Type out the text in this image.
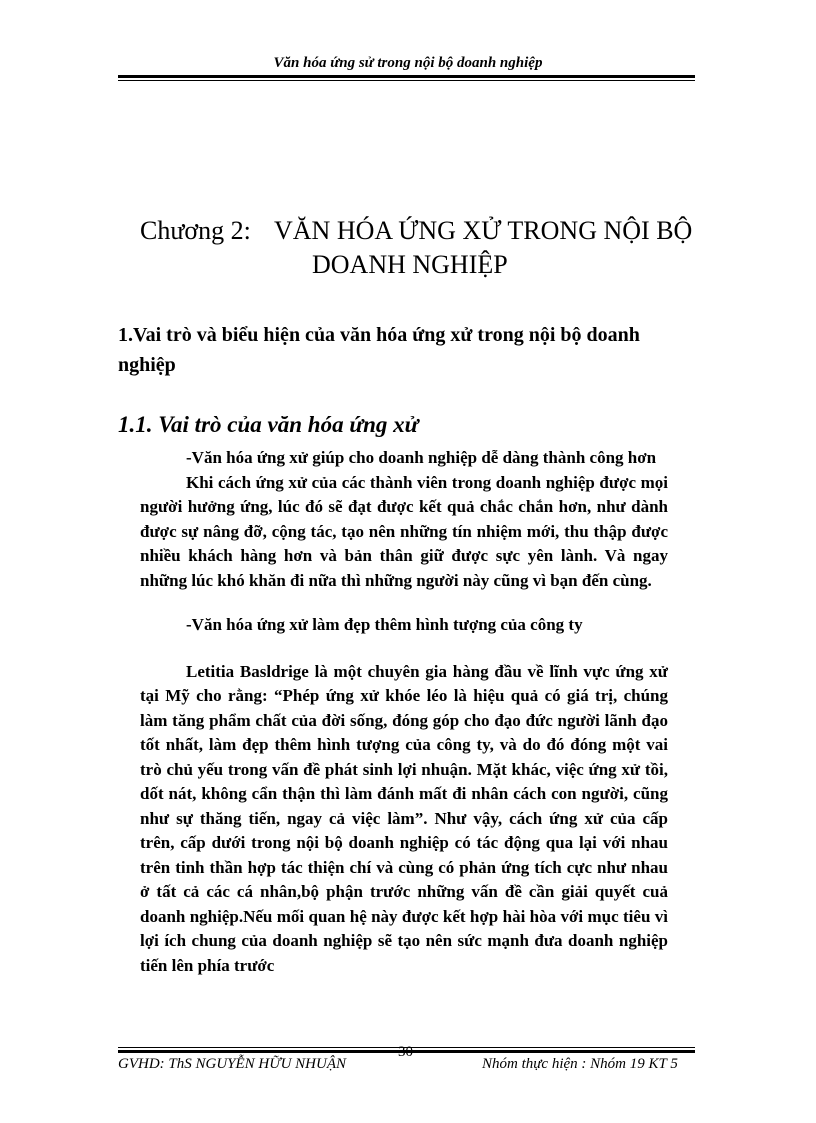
Văn hóa ứng sử trong nội bộ doanh nghiệp
Chương 2: VĂN HÓA ỨNG XỬ TRONG NỘI BỘ
DOANH NGHIỆP
1.Vai trò và biểu hiện của văn hóa ứng xử trong nội bộ doanh nghiệp
1.1. Vai trò của văn hóa ứng xử

-Văn hóa ứng xử giúp cho doanh nghiệp dễ dàng thành công hơn

Khi cách ứng xử của các thành viên trong doanh nghiệp được mọi người hưởng ứng, lúc đó sẽ đạt được kết quả chắc chắn hơn, như dành được sự nâng đỡ, cộng tác, tạo nên những tín nhiệm mới, thu thập được nhiều khách hàng hơn và bản thân giữ được sực yên lành. Và ngay những lúc khó khăn đi nữa thì những người này cũng vì bạn đến cùng.

-Văn hóa ứng xử làm đẹp thêm hình tượng của công ty

Letitia Basldrige là một chuyên gia hàng đầu về lĩnh vực ứng xử tại Mỹ cho rằng: “Phép ứng xử khóe léo là hiệu quả có giá trị, chúng làm tăng phẩm chất của đời sống, đóng góp cho đạo đức người lãnh đạo tốt nhất, làm đẹp thêm hình tượng của công ty, và do đó đóng một vai trò chủ yếu trong vấn đề phát sinh lợi nhuận. Mặt khác, việc ứng xử tồi, dốt nát, không cẩn thận thì làm đánh mất đi nhân cách con người, cũng như sự thăng tiến, ngay cả việc làm”. Như vậy, cách ứng xử của cấp trên, cấp dưới trong nội bộ doanh nghiệp có tác động qua lại với nhau trên tinh thần hợp tác thiện chí và cùng có phản ứng tích cực như nhau ở tất cả các cá nhân,bộ phận trước những vấn đề cần giải quyết cuả doanh nghiệp.Nếu mối quan hệ này được kết hợp hài hòa với mục tiêu vì lợi ích chung của doanh nghiệp sẽ tạo nên sức mạnh đưa doanh nghiệp tiến lên phía trước

GVHD: ThS NGUYỄN HỮU NHUẬN
30
Nhóm thực hiện : Nhóm 19 KT 5
